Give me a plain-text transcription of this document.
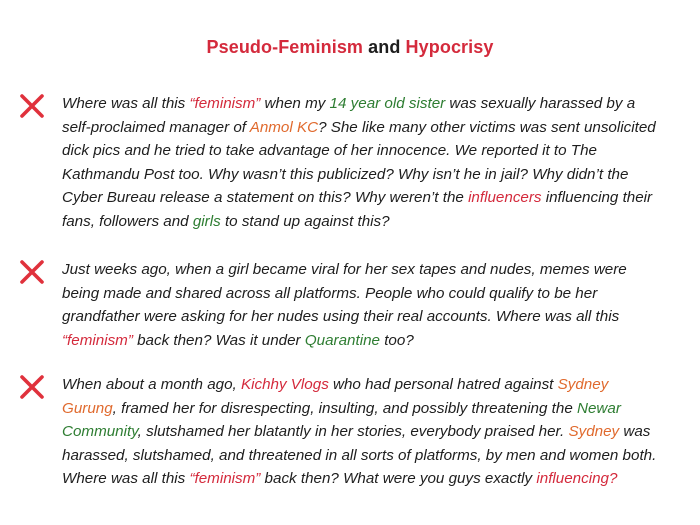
Pseudo-Feminism and Hypocrisy

Where was all this “feminism” when my 14 year old sister was sexually harassed by a self-proclaimed manager of Anmol KC? She like many other victims was sent unsolicited dick pics and he tried to take advantage of her innocence. We reported it to The Kathmandu Post too. Why wasn’t this publicized? Why isn’t he in jail? Why didn’t the Cyber Bureau release a statement on this? Why weren’t the influencers influencing their fans, followers and girls to stand up against this?

Just weeks ago, when a girl became viral for her sex tapes and nudes, memes were being made and shared across all platforms. People who could qualify to be her grandfather were asking for her nudes using their real accounts. Where was all this “feminism” back then? Was it under Quarantine too?

When about a month ago, Kichhy Vlogs who had personal hatred against Sydney Gurung, framed her for disrespecting, insulting, and possibly threatening the Newar Community, slutshamed her blatantly in her stories, everybody praised her. Sydney was harassed, slutshamed, and threatened in all sorts of platforms, by men and women both. Where was all this “feminism” back then? What were you guys exactly influencing?
